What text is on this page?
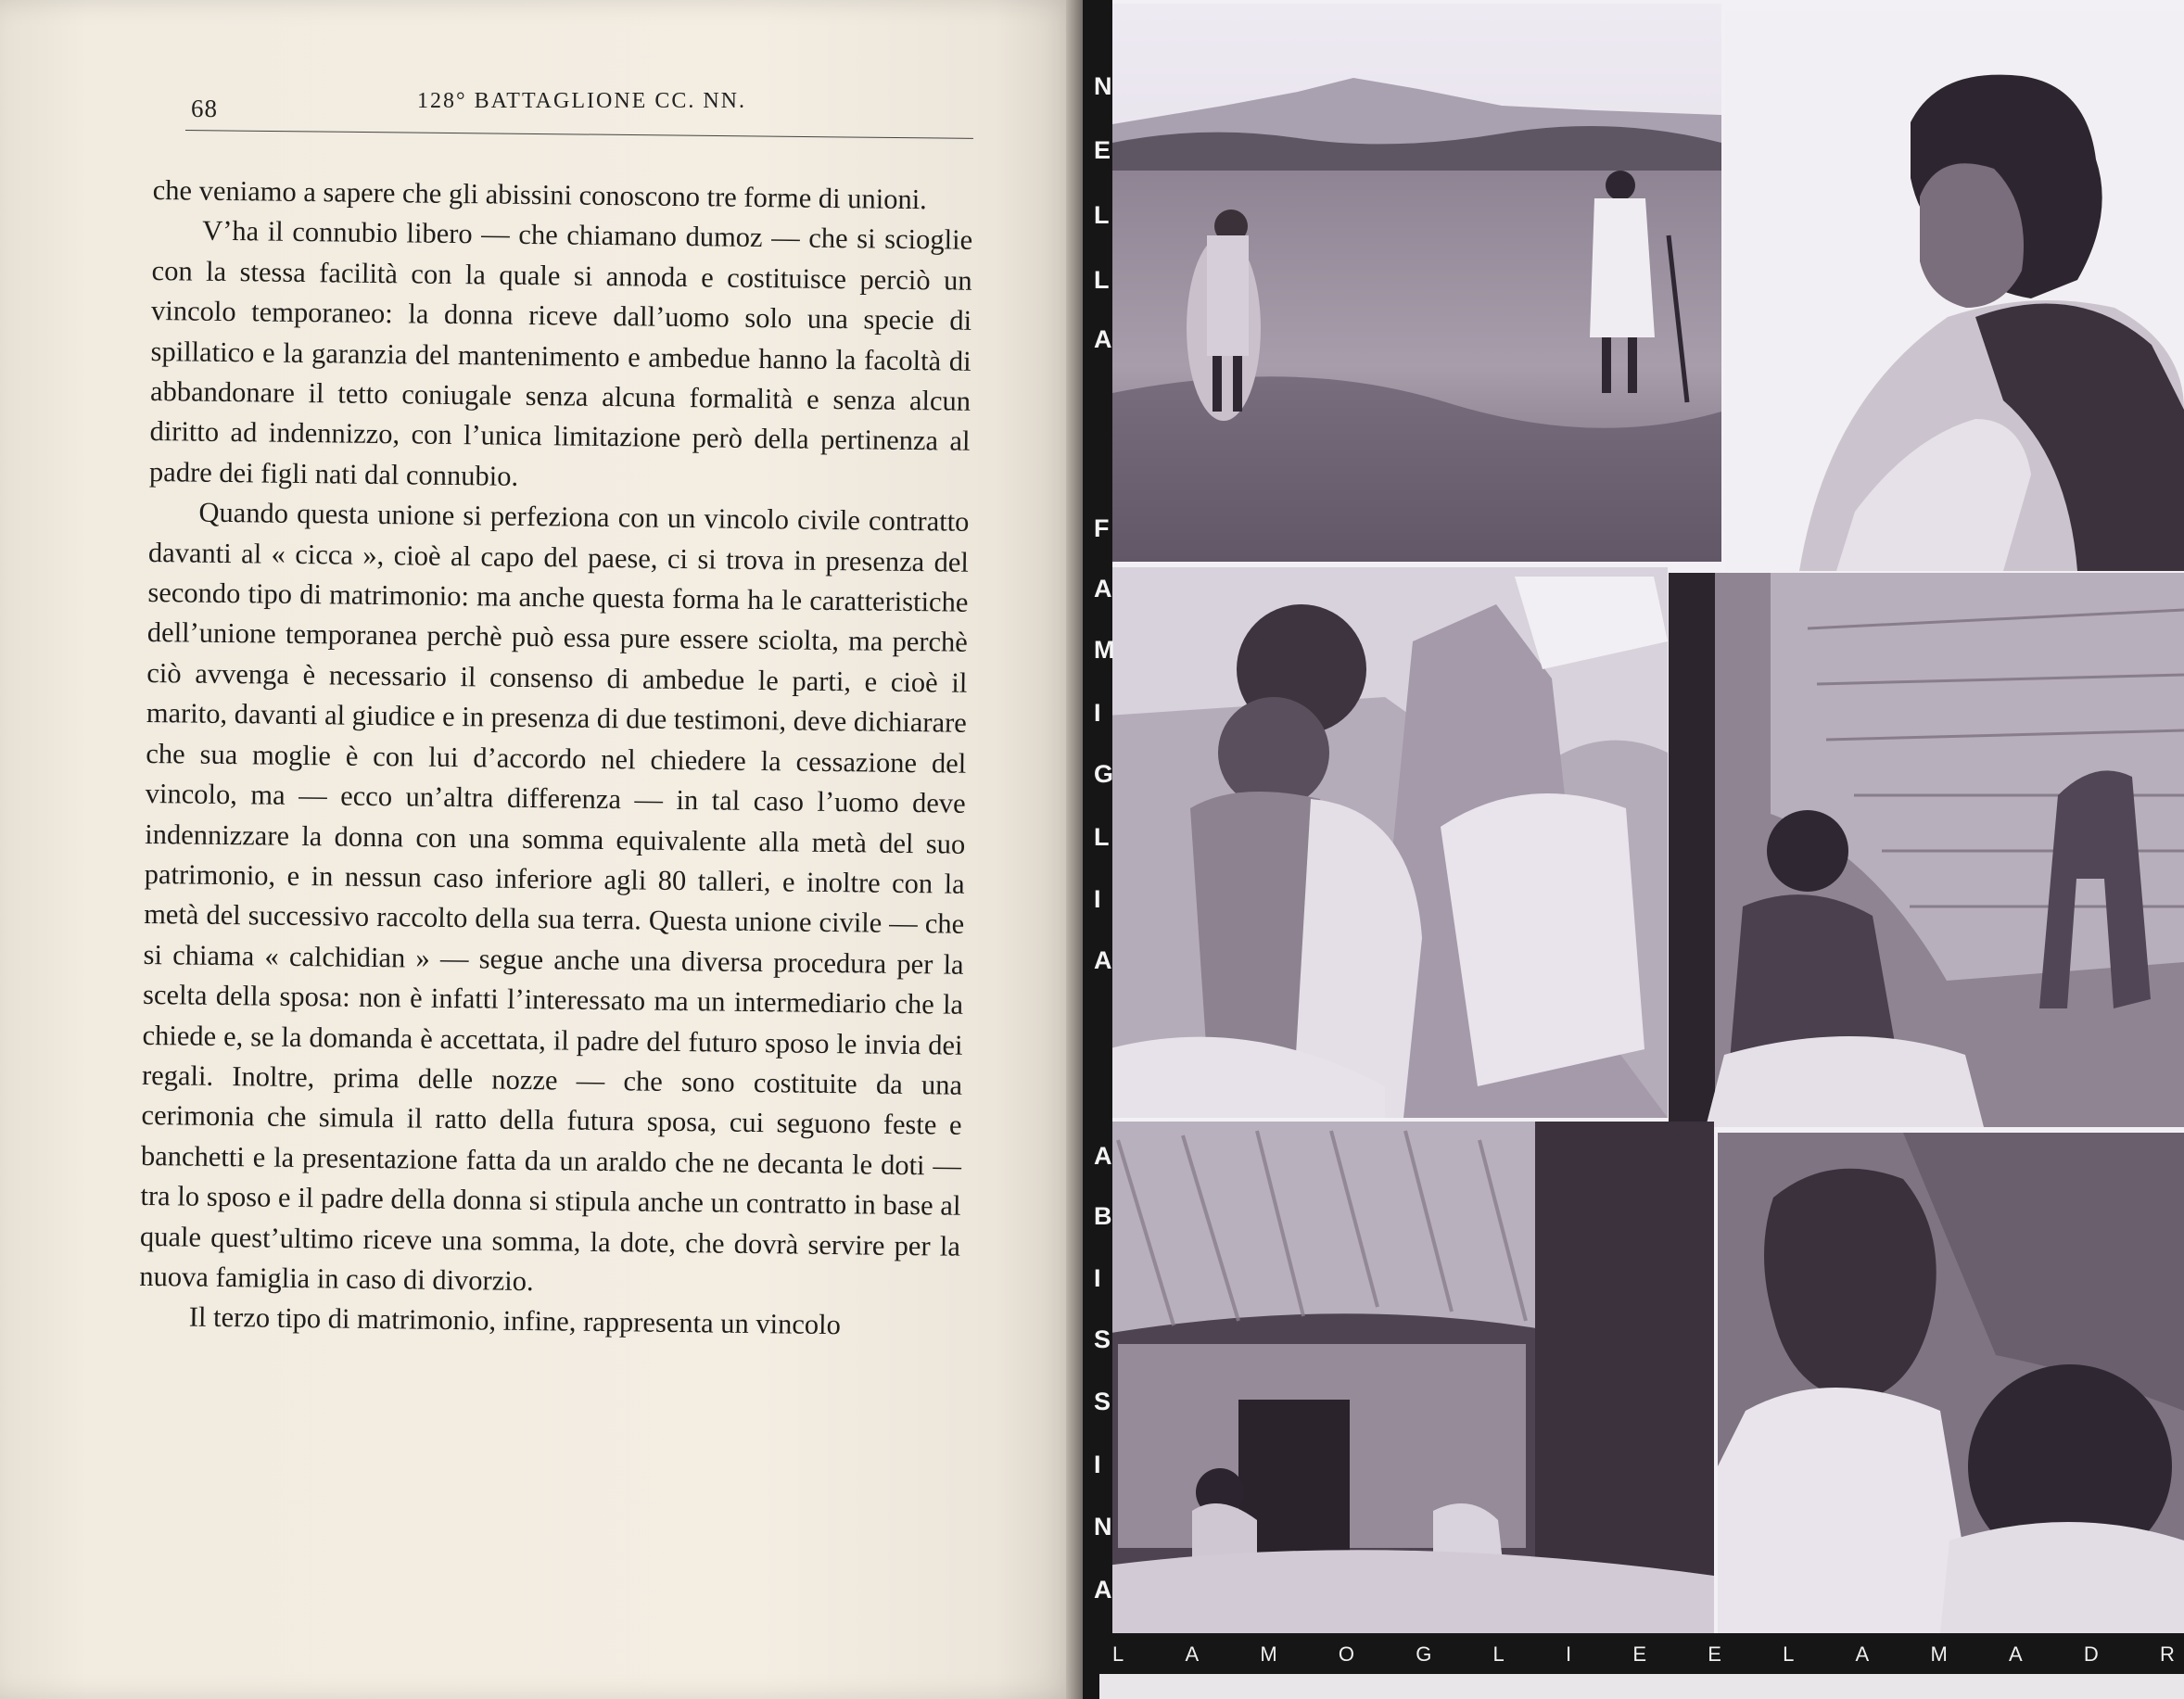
68	128° BATTAGLIONE CC. NN.

che veniamo a sapere che gli abissini conoscono tre forme di unioni.

V’ha il connubio libero — che chiamano dumoz — che si scioglie con la stessa facilità con la quale si annoda e costituisce perciò un vincolo temporaneo: la donna riceve dall’uomo solo una specie di spillatico e la garanzia del mantenimento e ambedue hanno la facoltà di abbandonare il tetto coniugale senza alcuna formalità e senza alcun diritto ad indennizzo, con l’unica limitazione però della pertinenza al padre dei figli nati dal connubio.

Quando questa unione si perfeziona con un vincolo civile contratto davanti al « cicca », cioè al capo del paese, ci si trova in presenza del secondo tipo di matrimonio: ma anche questa forma ha le caratteristiche dell’unione temporanea perchè può essa pure essere sciolta, ma perchè ciò avvenga è necessario il consenso di ambedue le parti, e cioè il marito, davanti al giudice e in presenza di due testimoni, deve dichiarare che sua moglie è con lui d’accordo nel chiedere la cessazione del vincolo, ma — ecco un’altra differenza — in tal caso l’uomo deve indennizzare la donna con una somma equivalente alla metà del suo patrimonio, e in nessun caso inferiore agli 80 talleri, e inoltre con la metà del successivo raccolto della sua terra. Questa unione civile — che si chiama « calchidian » — segue anche una diversa procedura per la scelta della sposa: non è infatti l’interessato ma un intermediario che la chiede e, se la domanda è accettata, il padre del futuro sposo le invia dei regali. Inoltre, prima delle nozze — che sono costituite da una cerimonia che simula il ratto della futura sposa, cui seguono feste e banchetti e la presentazione fatta da un araldo che ne decanta le doti — tra lo sposo e il padre della donna si stipula anche un contratto in base al quale quest’ultimo riceve una somma, la dote, che dovrà servire per la nuova famiglia in caso di divorzio.

Il terzo tipo di matrimonio, infine, rappresenta un vincolo

N
E
L
L
A
F
A
M
I
G
L
I
A
A
B
I
S
S
I
N
A
L	A	M	O	G	L	I	E	E	L	A	M	A	D	R
